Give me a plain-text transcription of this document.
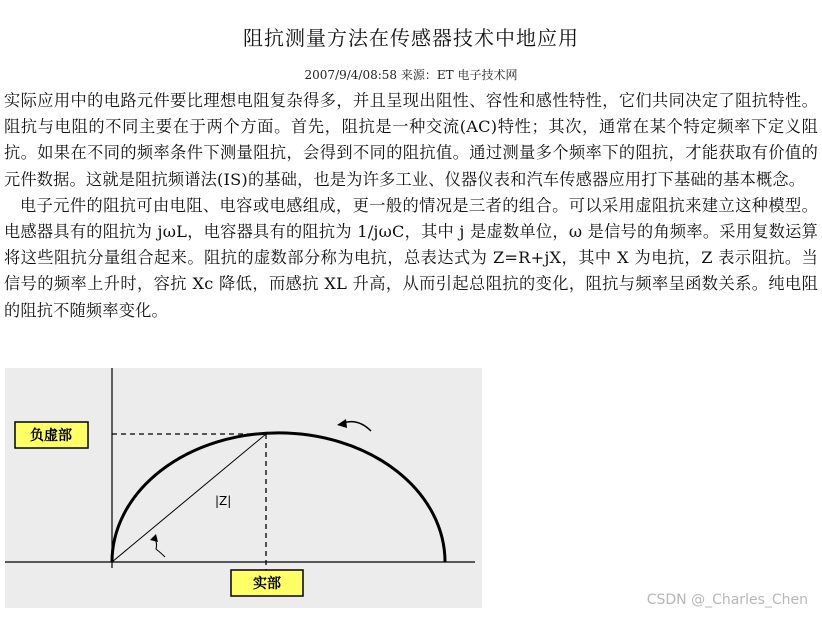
阻抗测量方法在传感器技术中地应用
2007/9/4/08:58 来源：ET 电子技术网

实际应用中的电路元件要比理想电阻复杂得多，并且呈现出阻性、容性和感性特性，它们共同决定了阻抗特性。阻抗与电阻的不同主要在于两个方面。首先，阻抗是一种交流(AC)特性；其次，通常在某个特定频率下定义阻抗。如果在不同的频率条件下测量阻抗，会得到不同的阻抗值。通过测量多个频率下的阻抗，才能获取有价值的元件数据。这就是阻抗频谱法(IS)的基础，也是为许多工业、仪器仪表和汽车传感器应用打下基础的基本概念。

电子元件的阻抗可由电阻、电容或电感组成，更一般的情况是三者的组合。可以采用虚阻抗来建立这种模型。电感器具有的阻抗为 jωL，电容器具有的阻抗为 1/jωC，其中 j 是虚数单位，ω 是信号的角频率。采用复数运算将这些阻抗分量组合起来。阻抗的虚数部分称为电抗，总表达式为 Z=R+jX，其中 X 为电抗，Z 表示阻抗。当信号的频率上升时，容抗 Xc 降低，而感抗 XL 升高，从而引起总阻抗的变化，阻抗与频率呈函数关系。纯电阻的阻抗不随频率变化。

|Z|
负虚部
实部
CSDN @_Charles_Chen
